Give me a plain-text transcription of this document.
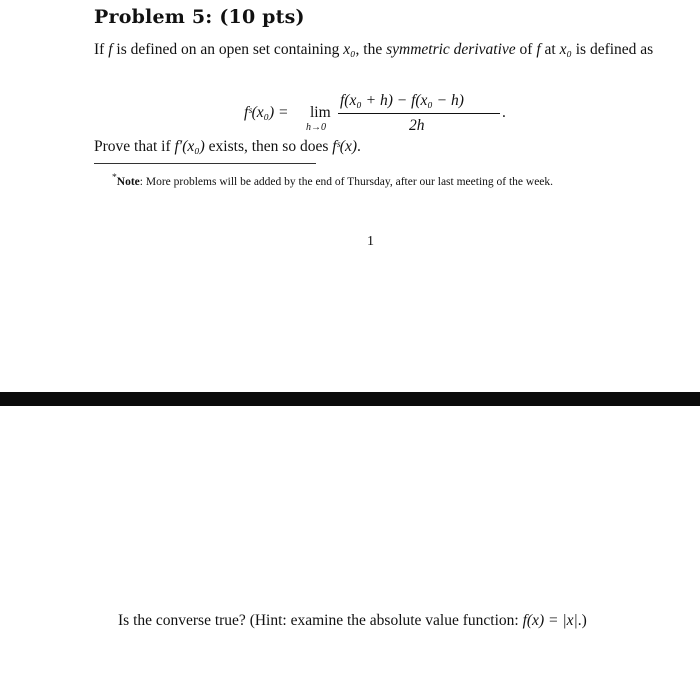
Problem 5: (10 pts)
If f is defined on an open set containing x₀, the symmetric derivative of f at x₀ is defined as
fˢ(x₀) = lim
h→0
f(x₀ + h) − f(x₀ − h)
2h
.
Prove that if f′(x₀) exists, then so does fˢ(x).
*Note: More problems will be added by the end of Thursday, after our last meeting of the week.
1
Is the converse true? (Hint: examine the absolute value function: f(x) = |x|.)
